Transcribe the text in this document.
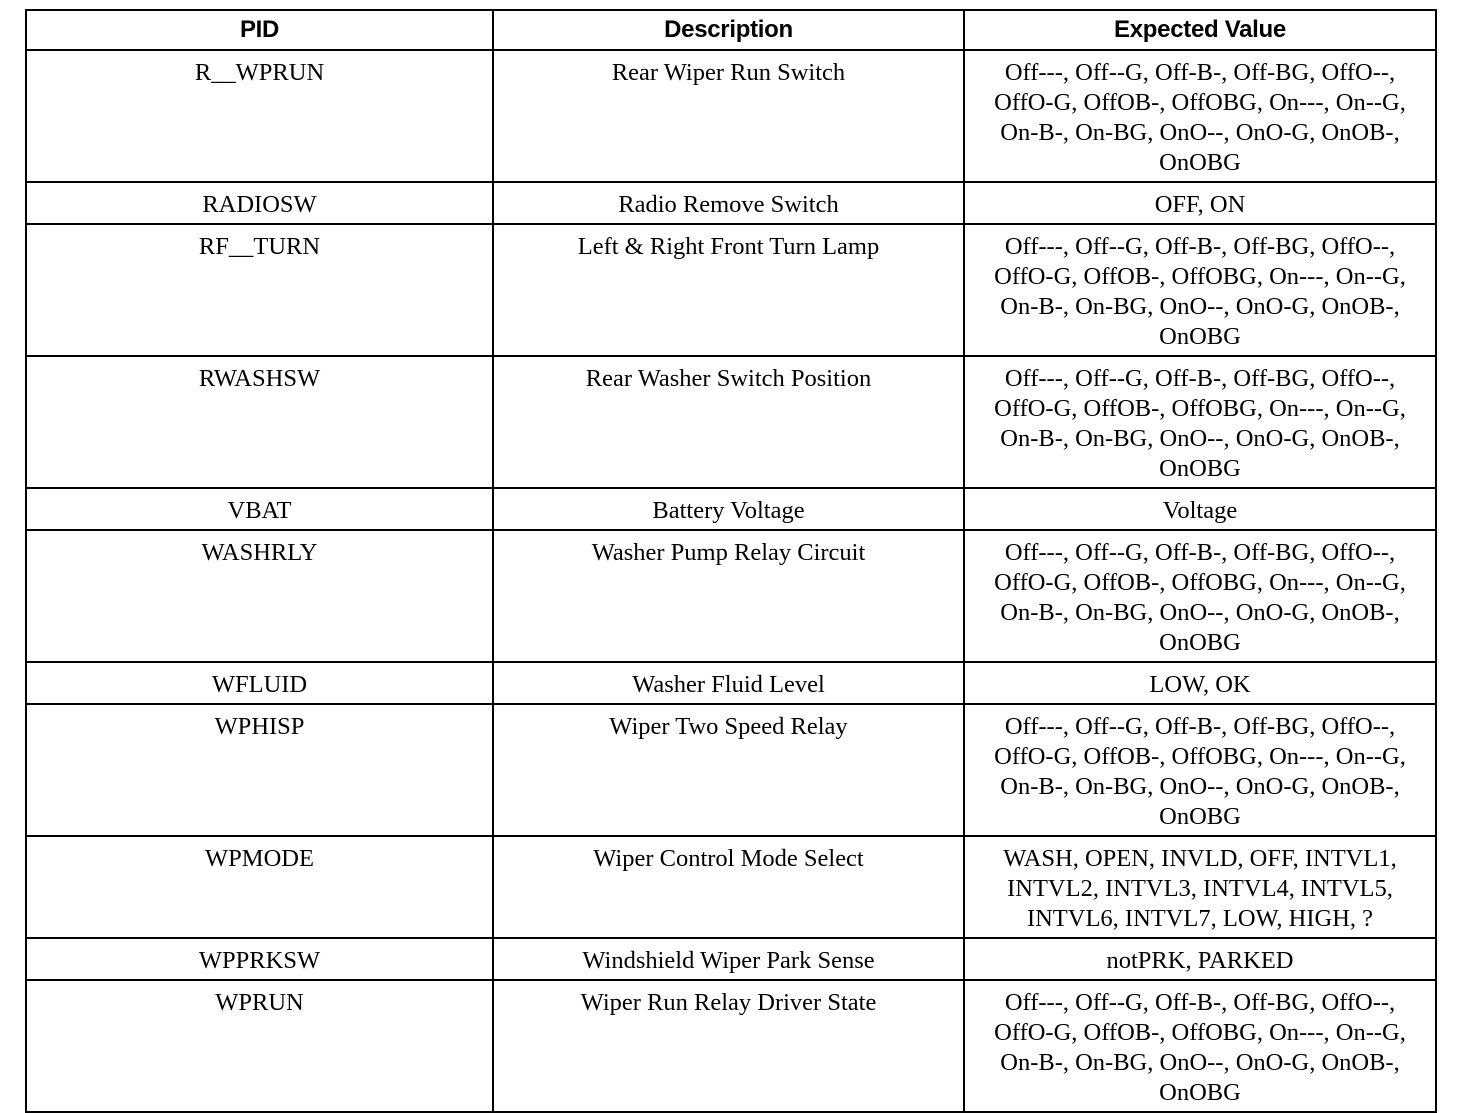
PID	Description	Expected Value
R__WPRUN	Rear Wiper Run Switch	Off---, Off--G, Off-B-, Off-BG, OffO--, OffO-G, OffOB-, OffOBG, On---, On--G, On-B-, On-BG, OnO--, OnO-G, OnOB-, OnOBG
RADIOSW	Radio Remove Switch	OFF, ON
RF__TURN	Left & Right Front Turn Lamp	Off---, Off--G, Off-B-, Off-BG, OffO--, OffO-G, OffOB-, OffOBG, On---, On--G, On-B-, On-BG, OnO--, OnO-G, OnOB-, OnOBG
RWASHSW	Rear Washer Switch Position	Off---, Off--G, Off-B-, Off-BG, OffO--, OffO-G, OffOB-, OffOBG, On---, On--G, On-B-, On-BG, OnO--, OnO-G, OnOB-, OnOBG
VBAT	Battery Voltage	Voltage
WASHRLY	Washer Pump Relay Circuit	Off---, Off--G, Off-B-, Off-BG, OffO--, OffO-G, OffOB-, OffOBG, On---, On--G, On-B-, On-BG, OnO--, OnO-G, OnOB-, OnOBG
WFLUID	Washer Fluid Level	LOW, OK
WPHISP	Wiper Two Speed Relay	Off---, Off--G, Off-B-, Off-BG, OffO--, OffO-G, OffOB-, OffOBG, On---, On--G, On-B-, On-BG, OnO--, OnO-G, OnOB-, OnOBG
WPMODE	Wiper Control Mode Select	WASH, OPEN, INVLD, OFF, INTVL1, INTVL2, INTVL3, INTVL4, INTVL5, INTVL6, INTVL7, LOW, HIGH, ?
WPPRKSW	Windshield Wiper Park Sense	notPRK, PARKED
WPRUN	Wiper Run Relay Driver State	Off---, Off--G, Off-B-, Off-BG, OffO--, OffO-G, OffOB-, OffOBG, On---, On--G, On-B-, On-BG, OnO--, OnO-G, OnOB-, OnOBG
